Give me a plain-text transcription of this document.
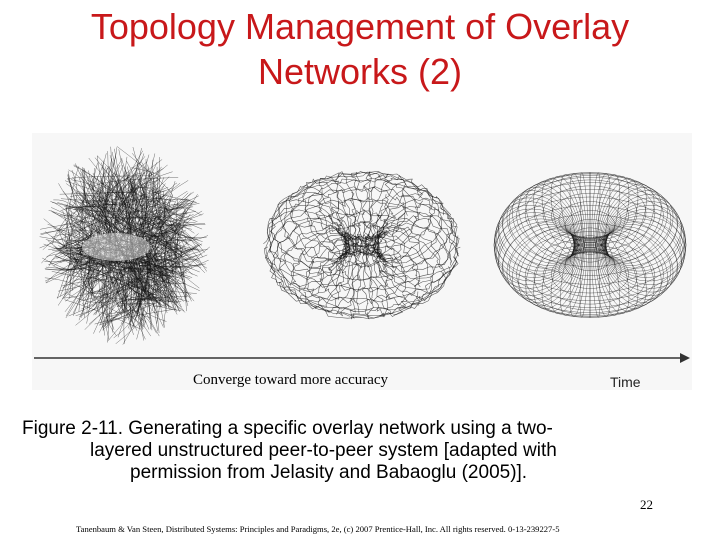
Topology Management of Overlay
Networks (2)
Converge toward more accuracy	Time
Figure 2-11. Generating a specific overlay network using a two-
layered unstructured peer-to-peer system [adapted with
permission from Jelasity and Babaoglu (2005)].
22
Tanenbaum & Van Steen, Distributed Systems: Principles and Paradigms, 2e, (c) 2007 Prentice-Hall, Inc. All rights reserved. 0-13-239227-5
